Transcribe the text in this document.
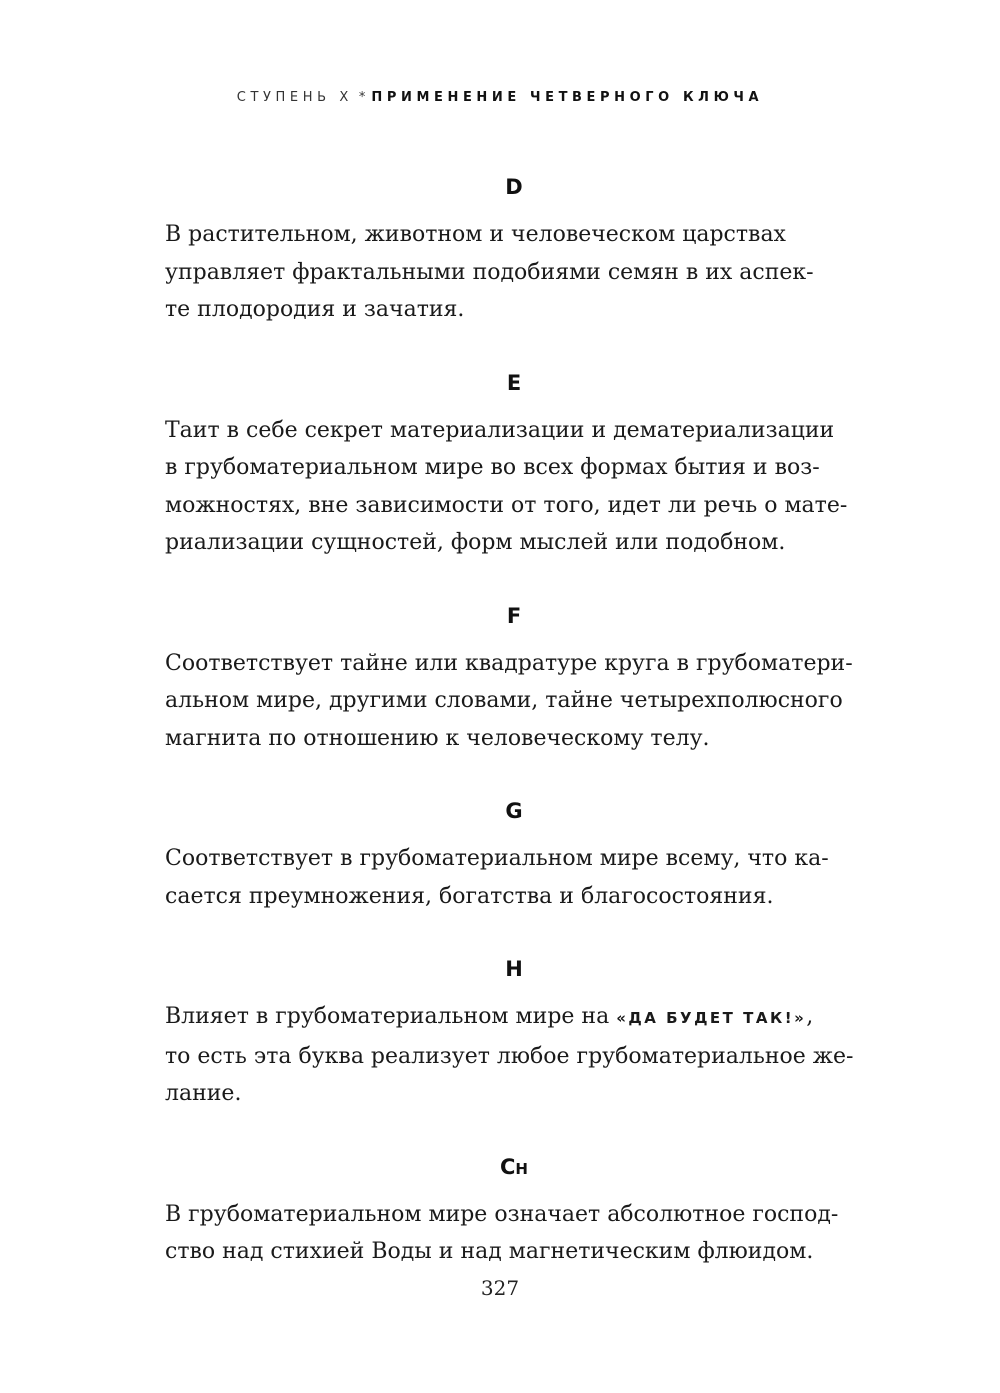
СТУПЕНЬ X * ПРИМЕНЕНИЕ ЧЕТВЕРНОГО КЛЮЧА
D

В растительном, животном и человеческом царствах
управляет фрактальными подобиями семян в их аспек-
те плодородия и зачатия.

E

Таит в себе секрет материализации и дематериализации
в грубоматериальном мире во всех формах бытия и воз-
можностях, вне зависимости от того, идет ли речь о мате-
риализации сущностей, форм мыслей или подобном.

F

Соответствует тайне или квадратуре круга в грубоматери-
альном мире, другими словами, тайне четырехполюсного
магнита по отношению к человеческому телу.

G

Соответствует в грубоматериальном мире всему, что ка-
сается преумножения, богатства и благосостояния.

H

Влияет в грубоматериальном мире на «ДА БУДЕТ ТАК!»,
то есть эта буква реализует любое грубоматериальное же-
лание.

CH

В грубоматериальном мире означает абсолютное господ-
ство над стихией Воды и над магнетическим флюидом.

327
